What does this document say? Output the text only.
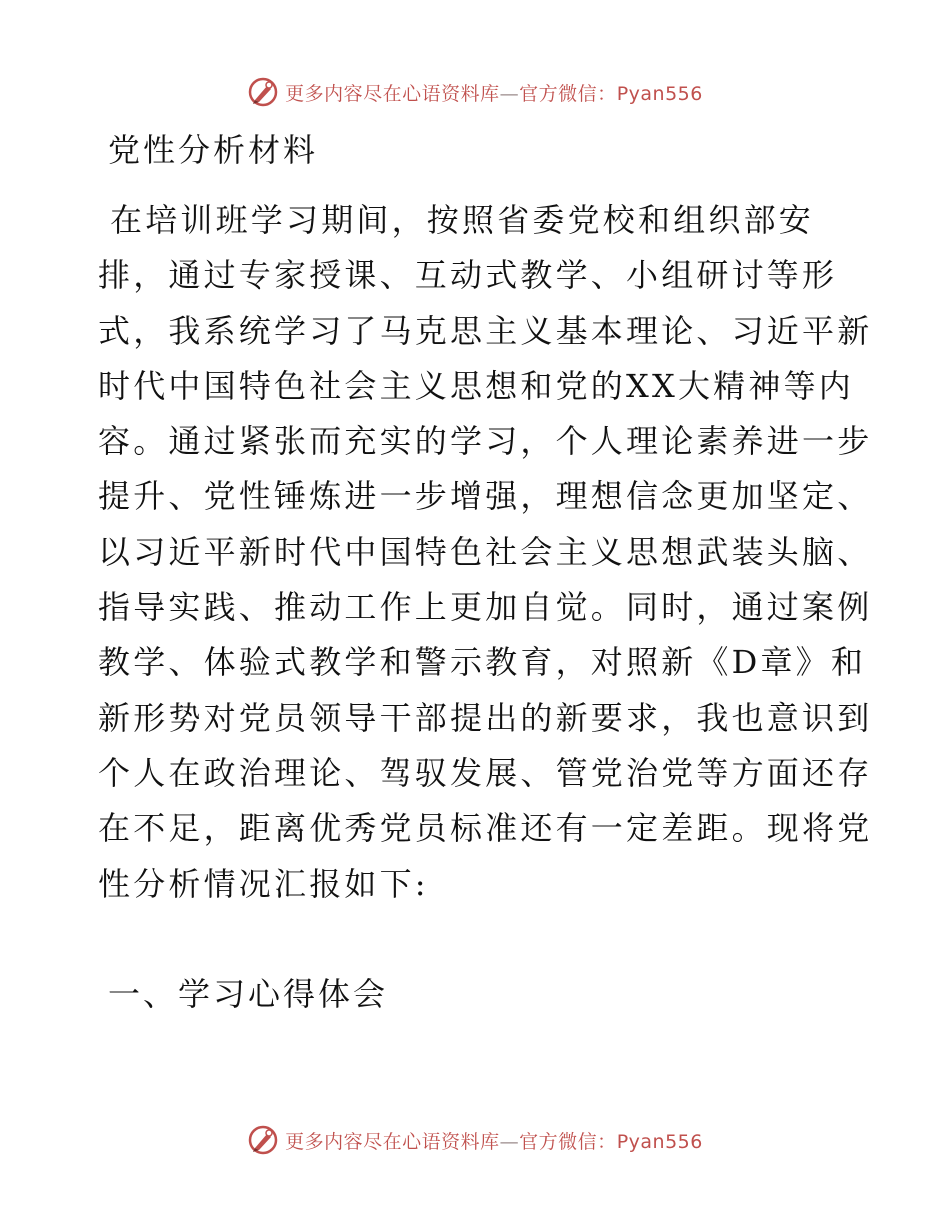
更多内容尽在心语资料库—官方微信：Pyan556
党性分析材料
在培训班学习期间，按照省委党校和组织部安
排，通过专家授课、互动式教学、小组研讨等形
式，我系统学习了马克思主义基本理论、习近平新
时代中国特色社会主义思想和党的XX大精神等内
容。通过紧张而充实的学习，个人理论素养进一步
提升、党性锤炼进一步增强，理想信念更加坚定、
以习近平新时代中国特色社会主义思想武装头脑、
指导实践、推动工作上更加自觉。同时，通过案例
教学、体验式教学和警示教育，对照新《D章》和
新形势对党员领导干部提出的新要求，我也意识到
个人在政治理论、驾驭发展、管党治党等方面还存
在不足，距离优秀党员标准还有一定差距。现将党
性分析情况汇报如下:
一、学习心得体会
更多内容尽在心语资料库—官方微信：Pyan556
